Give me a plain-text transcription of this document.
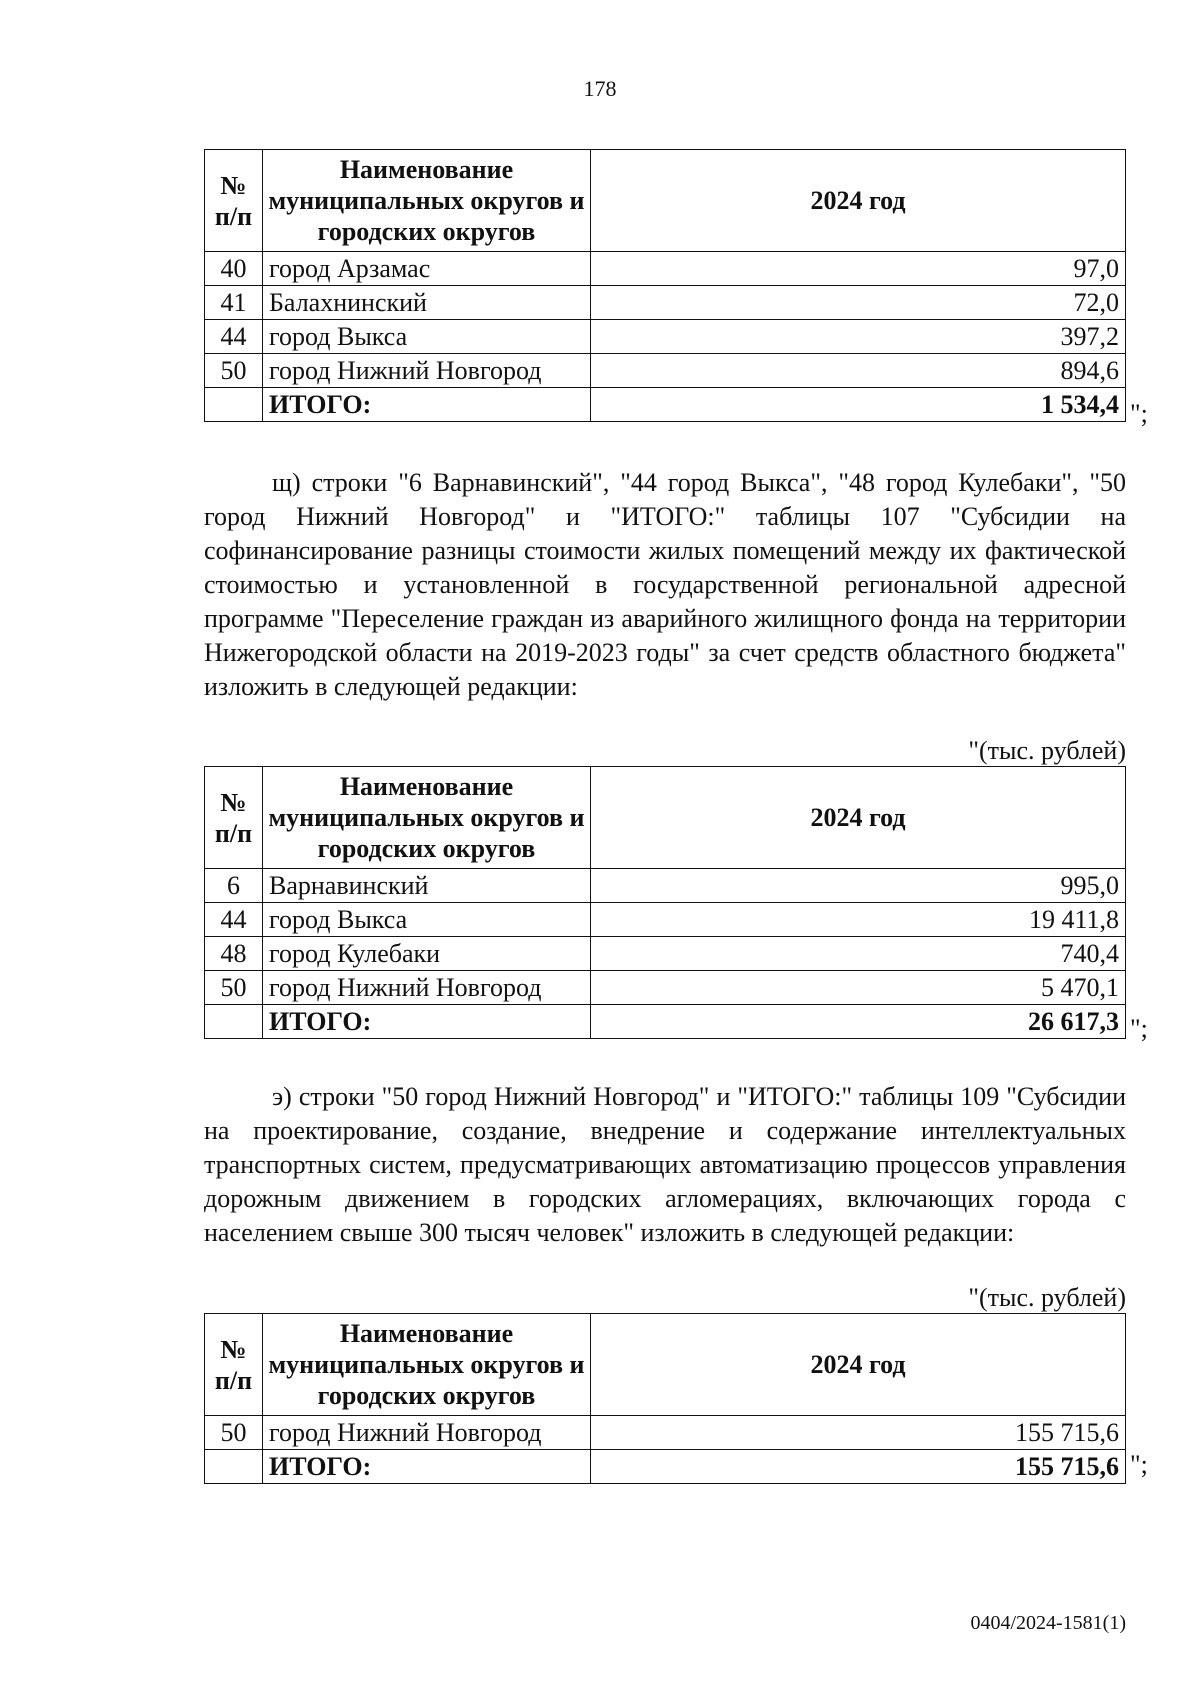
178
№ п/п	Наименование муниципальных округов и городских округов	2024 год
40	город Арзамас	97,0
41	Балахнинский	72,0
44	город Выкса	397,2
50	город Нижний Новгород	894,6
	ИТОГО:	1 534,4 ";

щ) строки "6 Варнавинский", "44 город Выкса", "48 город Кулебаки", "50 город Нижний Новгород" и "ИТОГО:" таблицы 107 "Субсидии на софинансирование разницы стоимости жилых помещений между их фактической стоимостью и установленной в государственной региональной адресной программе "Переселение граждан из аварийного жилищного фонда на территории Нижегородской области на 2019-2023 годы" за счет средств областного бюджета" изложить в следующей редакции:

"(тыс. рублей)
№ п/п	Наименование муниципальных округов и городских округов	2024 год
6	Варнавинский	995,0
44	город Выкса	19 411,8
48	город Кулебаки	740,4
50	город Нижний Новгород	5 470,1
	ИТОГО:	26 617,3 ";

э) строки "50 город Нижний Новгород" и "ИТОГО:" таблицы 109 "Субсидии на проектирование, создание, внедрение и содержание интеллектуальных транспортных систем, предусматривающих автоматизацию процессов управления дорожным движением в городских агломерациях, включающих города с населением свыше 300 тысяч человек" изложить в следующей редакции:

"(тыс. рублей)
№ п/п	Наименование муниципальных округов и городских округов	2024 год
50	город Нижний Новгород	155 715,6
	ИТОГО:	155 715,6 ";
0404/2024-1581(1)
